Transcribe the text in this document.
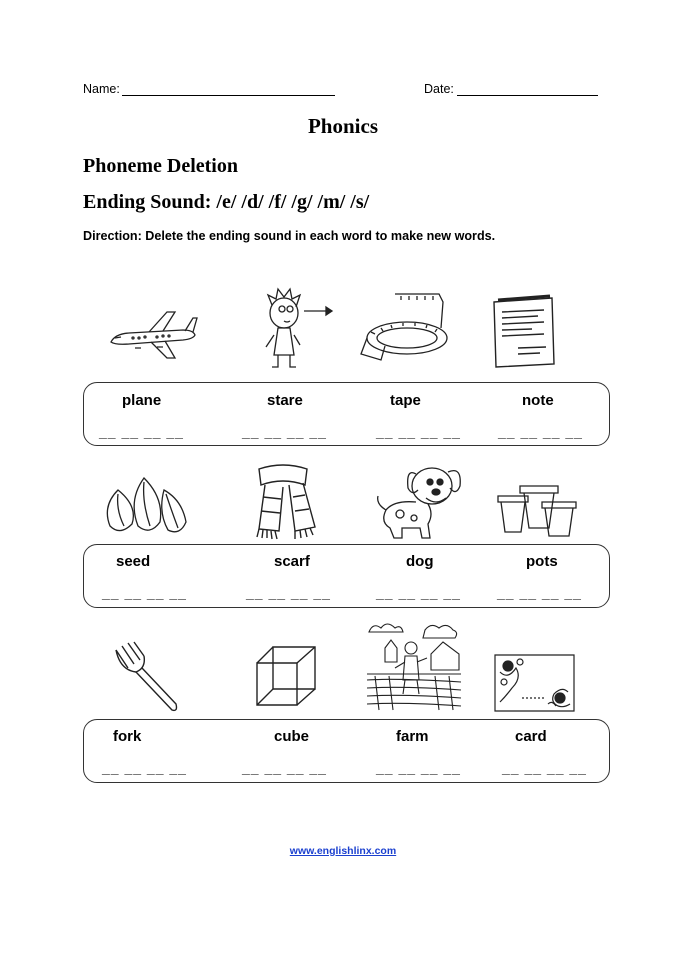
Name:	Date:
Phonics
Phoneme Deletion
Ending Sound: /e/ /d/ /f/ /g/ /m/ /s/
Direction: Delete the ending sound in each word to make new words.
plane	stare	tape	note
__ __ __ __	__ __ __ __	__ __ __ __	__ __ __ __
seed	scarf	dog	pots
__ __ __ __	__ __ __ __	__ __ __ __	__ __ __ __
fork	cube	farm	card
__ __ __ __	__ __ __ __	__ __ __ __	__ __ __ __
www.englishlinx.com
